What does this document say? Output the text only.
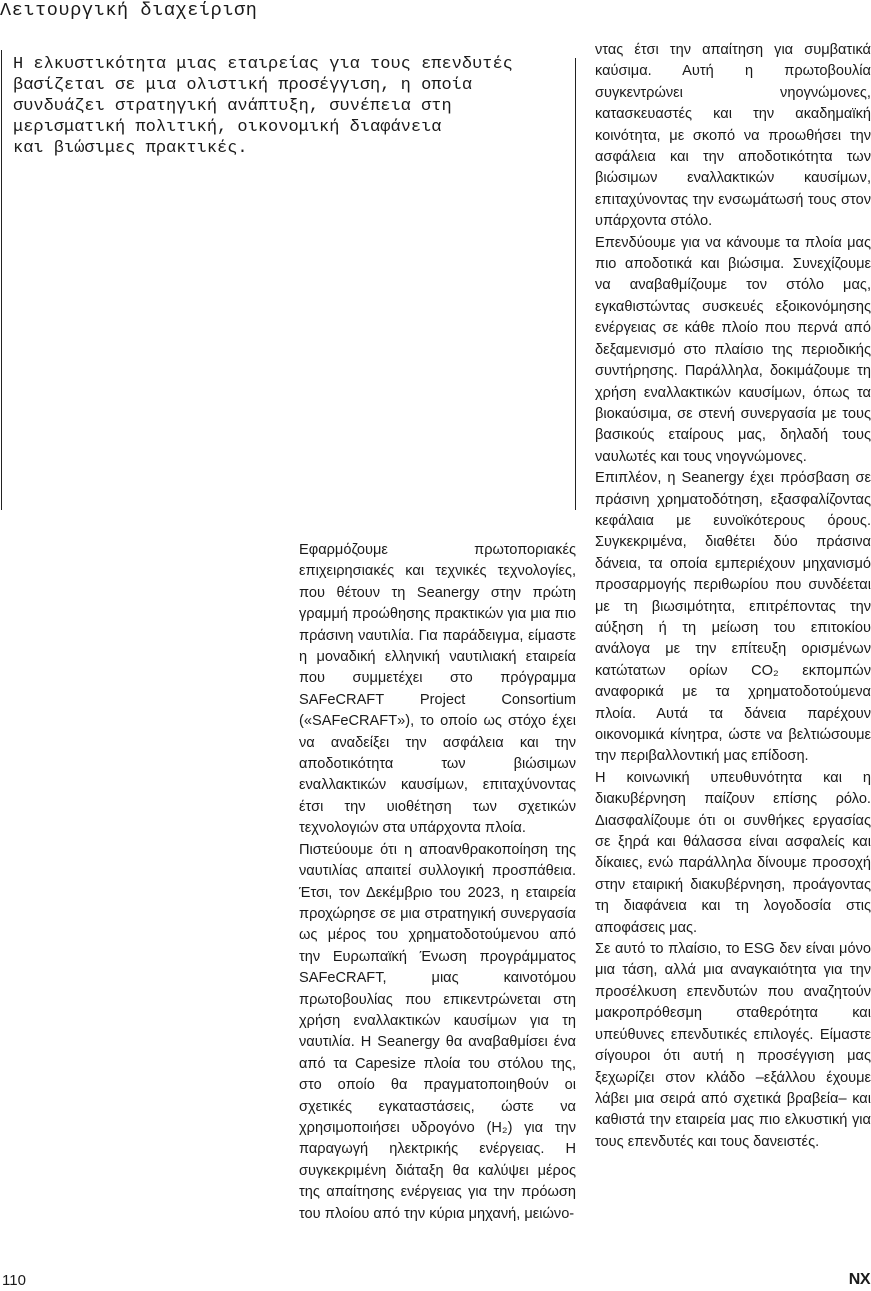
Λειτουργική διαχείριση
Η ελκυστικότητα μιας εταιρείας για τους επενδυτές
βασίζεται σε μια ολιστική προσέγγιση, η οποία
συνδυάζει στρατηγική ανάπτυξη, συνέπεια στη
μερισματική πολιτική, οικονομική διαφάνεια
και βιώσιμες πρακτικές.

Εφαρμόζουμε πρωτοποριακές επιχειρησιακές και τεχνικές τεχνολογίες, που θέτουν τη Seanergy στην πρώτη γραμμή προώθησης πρακτικών για μια πιο πράσινη ναυτιλία. Για παράδειγμα, είμαστε η μοναδική ελληνική ναυτιλιακή εταιρεία που συμμετέχει στο πρόγραμμα SAFeCRAFT Project Consortium («SAFeCRAFT»), το οποίο ως στόχο έχει να αναδείξει την ασφάλεια και την αποδοτικότητα των βιώσιμων εναλλακτικών καυσίμων, επιταχύνοντας έτσι την υιοθέτηση των σχετικών τεχνολογιών στα υπάρχοντα πλοία.

Πιστεύουμε ότι η απoανθρακοποίηση της ναυτιλίας απαιτεί συλλογική προσπάθεια. Έτσι, τον Δεκέμβριο του 2023, η εταιρεία προχώρησε σε μια στρατηγική συνεργασία ως μέρος του χρηματοδοτούμενου από την Ευρωπαϊκή Ένωση προγράμματος SAFeCRAFT, μιας καινοτόμου πρωτοβουλίας που επικεντρώνεται στη χρήση εναλλακτικών καυσίμων για τη ναυτιλία. Η Seanergy θα αναβαθμίσει ένα από τα Capesize πλοία του στόλου της, στο οποίο θα πραγματοποιηθούν οι σχετικές εγκαταστάσεις, ώστε να χρησιμοποιήσει υδρογόνο (H₂) για την παραγωγή ηλεκτρικής ενέργειας. Η συγκεκριμένη διάταξη θα καλύψει μέρος της απαίτησης ενέργειας για την πρόωση του πλοίου από την κύρια μηχανή, μειώνο-

ντας έτσι την απαίτηση για συμβατικά καύσιμα. Αυτή η πρωτοβουλία συγκεντρώνει νηογνώμονες, κατασκευαστές και την ακαδημαϊκή κοινότητα, με σκοπό να προωθήσει την ασφάλεια και την αποδοτικότητα των βιώσιμων εναλλακτικών καυσίμων, επιταχύνοντας την ενσωμάτωσή τους στον υπάρχοντα στόλο.

Επενδύουμε για να κάνουμε τα πλοία μας πιο αποδοτικά και βιώσιμα. Συνεχίζουμε να αναβαθμίζουμε τον στόλο μας, εγκαθιστώντας συσκευές εξοικονόμησης ενέργειας σε κάθε πλοίο που περνά από δεξαμενισμό στο πλαίσιο της περιοδικής συντήρησης. Παράλληλα, δοκιμάζουμε τη χρήση εναλλακτικών καυσίμων, όπως τα βιοκαύσιμα, σε στενή συνεργασία με τους βασικούς εταίρους μας, δηλαδή τους ναυλωτές και τους νηογνώμονες.

Επιπλέον, η Seanergy έχει πρόσβαση σε πράσινη χρηματοδότηση, εξασφαλίζοντας κεφάλαια με ευνοϊκότερους όρους. Συγκεκριμένα, διαθέτει δύο πράσινα δάνεια, τα οποία εμπεριέχουν μηχανισμό προσαρμογής περιθωρίου που συνδέεται με τη βιωσιμότητα, επιτρέποντας την αύξηση ή τη μείωση του επιτοκίου ανάλογα με την επίτευξη ορισμένων κατώτατων ορίων CO₂ εκπομπών αναφορικά με τα χρηματοδοτούμενα πλοία. Αυτά τα δάνεια παρέχουν οικονομικά κίνητρα, ώστε να βελτιώσουμε την περιβαλλοντική μας επίδοση.

Η κοινωνική υπευθυνότητα και η διακυβέρνηση παίζουν επίσης ρόλο. Διασφαλίζουμε ότι οι συνθήκες εργασίας σε ξηρά και θάλασσα είναι ασφαλείς και δίκαιες, ενώ παράλληλα δίνουμε προσοχή στην εταιρική διακυβέρνηση, προάγοντας τη διαφάνεια και τη λογοδοσία στις αποφάσεις μας.

Σε αυτό το πλαίσιο, το ESG δεν είναι μόνο μια τάση, αλλά μια αναγκαιότητα για την προσέλκυση επενδυτών που αναζητούν μακροπρόθεσμη σταθερότητα και υπεύθυνες επενδυτικές επιλογές. Είμαστε σίγουροι ότι αυτή η προσέγγιση μας ξεχωρίζει στον κλάδο –εξάλλου έχουμε λάβει μια σειρά από σχετικά βραβεία– και καθιστά την εταιρεία μας πιο ελκυστική για τους επενδυτές και τους δανειστές.

110	NX
